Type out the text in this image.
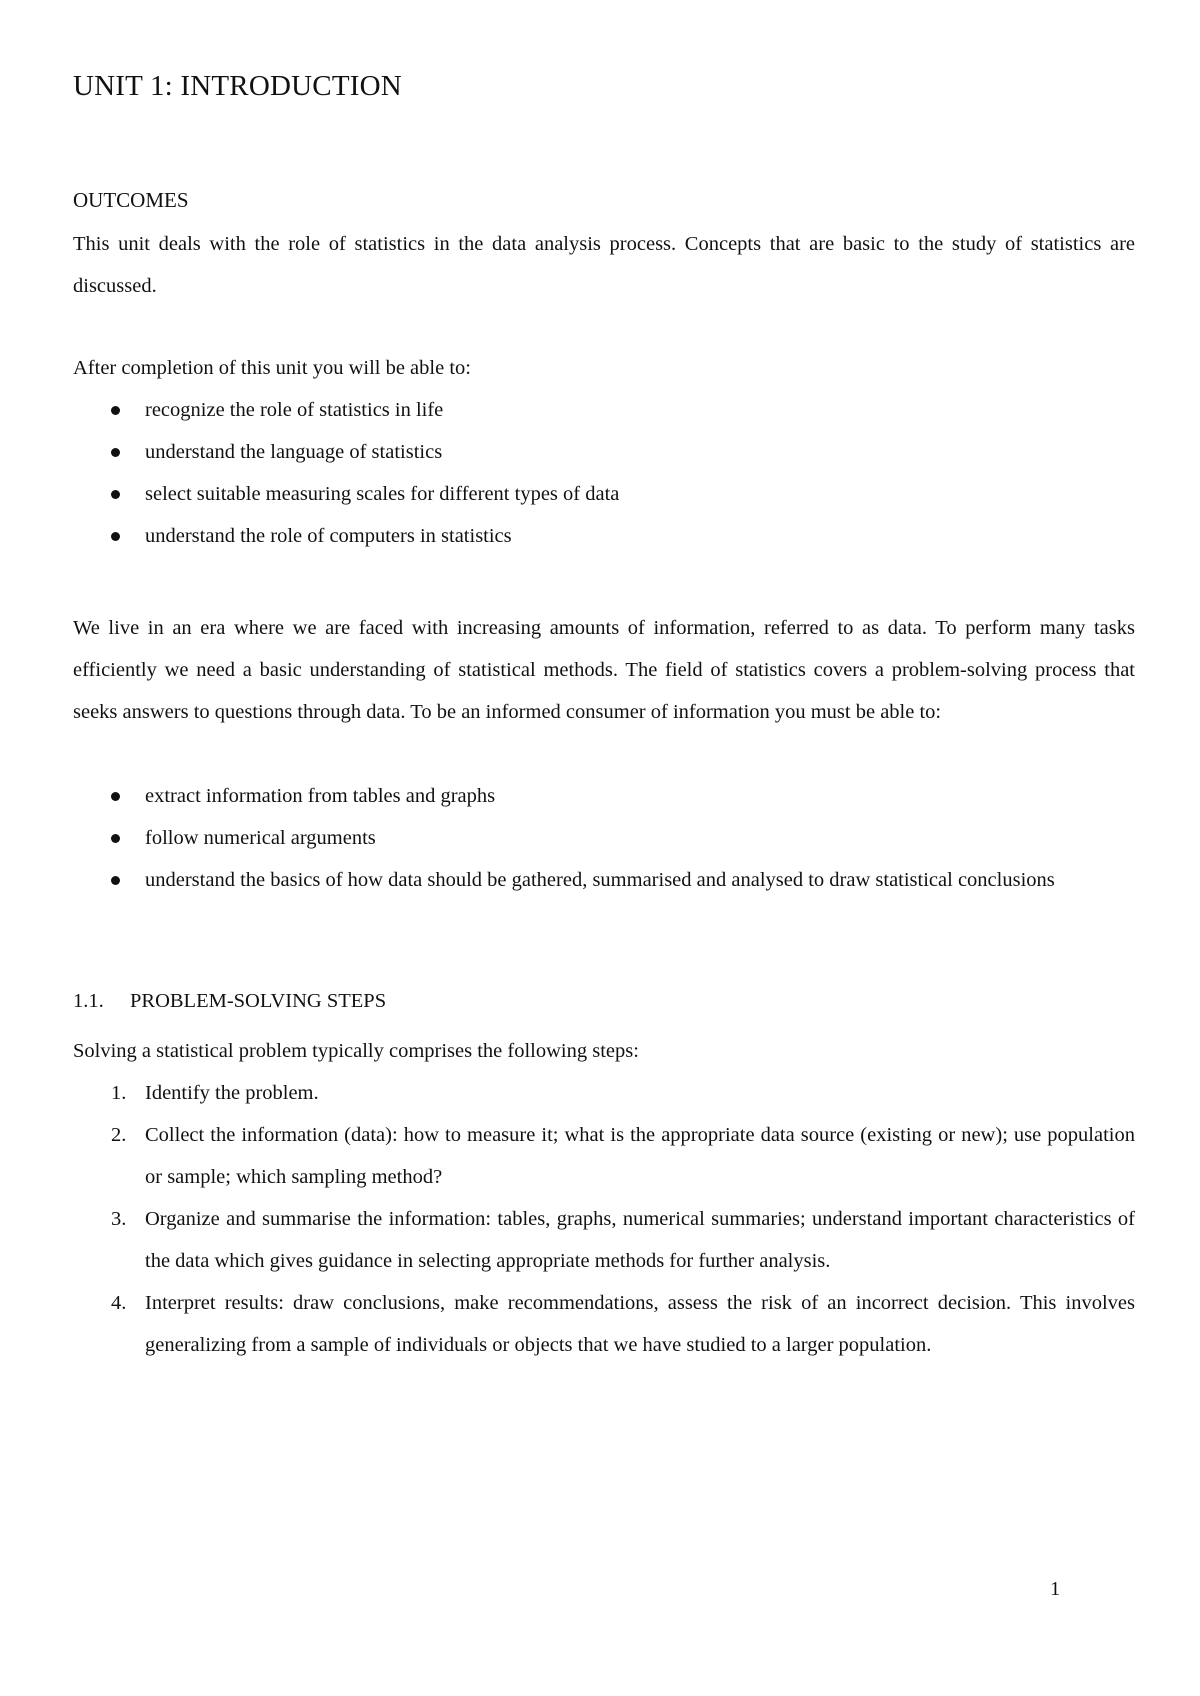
UNIT 1: INTRODUCTION
OUTCOMES

This unit deals with the role of statistics in the data analysis process. Concepts that are basic to the study of statistics are discussed.

After completion of this unit you will be able to:

recognize the role of statistics in life
understand the language of statistics
select suitable measuring scales for different types of data
understand the role of computers in statistics

We live in an era where we are faced with increasing amounts of information, referred to as data. To perform many tasks efficiently we need a basic understanding of statistical methods. The field of statistics covers a problem-solving process that seeks answers to questions through data. To be an informed consumer of information you must be able to:

extract information from tables and graphs
follow numerical arguments
understand the basics of how data should be gathered, summarised and analysed to draw statistical conclusions
1.1. PROBLEM-SOLVING STEPS

Solving a statistical problem typically comprises the following steps:

1. Identify the problem.
2. Collect the information (data): how to measure it; what is the appropriate data source (existing or new); use population or sample; which sampling method?
3. Organize and summarise the information: tables, graphs, numerical summaries; understand important characteristics of the data which gives guidance in selecting appropriate methods for further analysis.
4. Interpret results: draw conclusions, make recommendations, assess the risk of an incorrect decision. This involves generalizing from a sample of individuals or objects that we have studied to a larger population.
1
